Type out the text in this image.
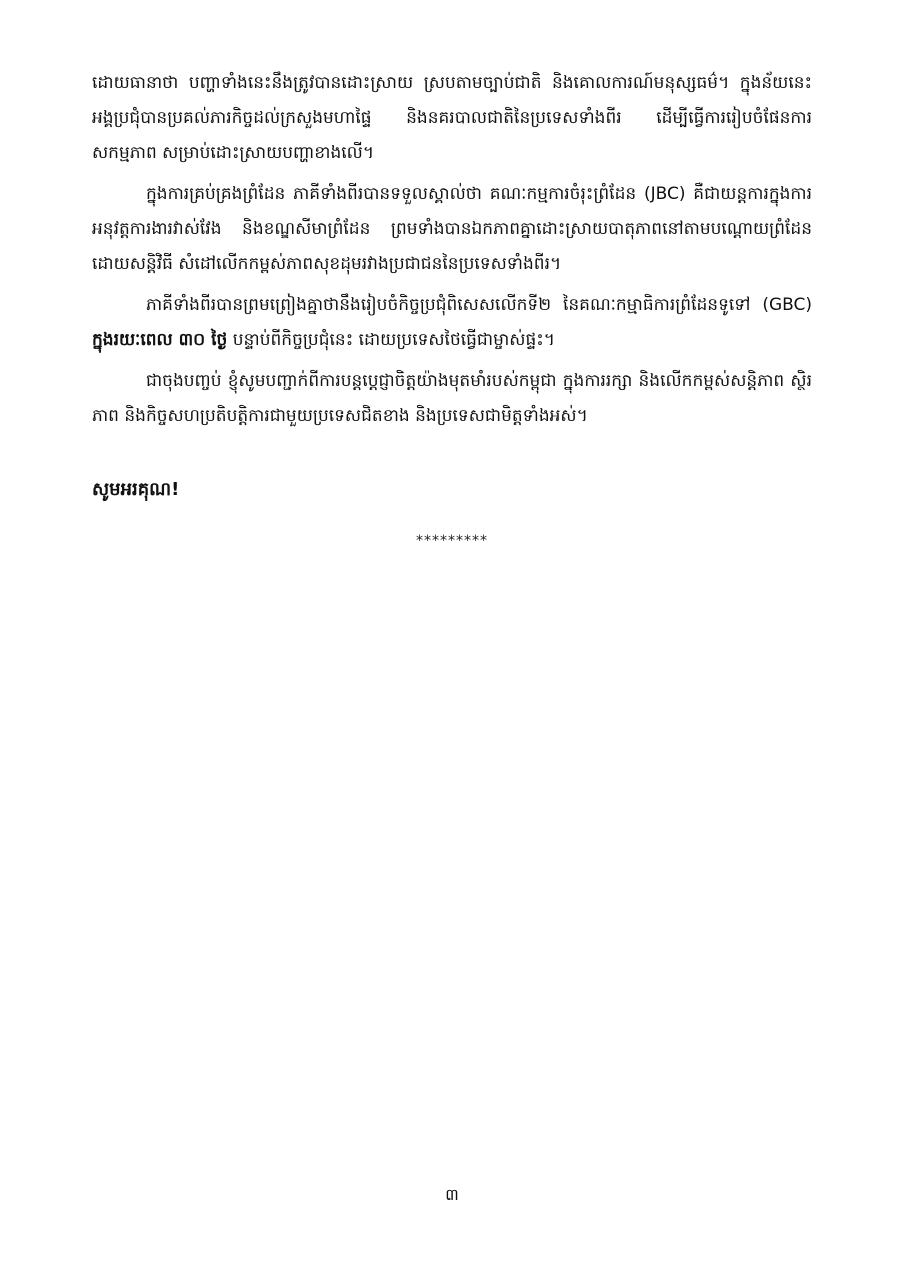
ដោយធានាថា បញ្ហាទាំងនេះនឹងត្រូវបានដោះស្រាយ ស្របតាមច្បាប់ជាតិ និងគោលការណ៍មនុស្សធម៌។ ក្នុងន័យនេះ អង្គប្រជុំបានប្រគល់ភារកិច្ចដល់ក្រសួងមហាផ្ទៃ និងនគរបាលជាតិនៃប្រទេសទាំងពីរ ដើម្បីធ្វើការរៀបចំផែនការសកម្មភាព សម្រាប់ដោះស្រាយបញ្ហាខាងលើ។

ក្នុងការគ្រប់គ្រងព្រំដែន ភាគីទាំងពីរបានទទួលស្គាល់ថា គណៈកម្មការចំរុះព្រំដែន (JBC) គឺជាយន្តការក្នុងការអនុវត្តការងារវាស់វែង និងខណ្ឌសីមាព្រំដែន ព្រមទាំងបានឯកភាពគ្នាដោះស្រាយបាតុភាពនៅតាមបណ្តោយព្រំដែនដោយសន្តិវិធី សំដៅលើកកម្ពស់ភាពសុខដុមរវាងប្រជាជននៃប្រទេសទាំងពីរ។

ភាគីទាំងពីរបានព្រមព្រៀងគ្នាថានឹងរៀបចំកិច្ចប្រជុំពិសេសលើកទី២ នៃគណៈកម្មាធិការព្រំដែនទូទៅ (GBC) ក្នុងរយៈពេល ៣០ ថ្ងៃ បន្ទាប់ពីកិច្ចប្រជុំនេះ ដោយប្រទេសថៃធ្វើជាម្ចាស់ផ្ទះ។

ជាចុងបញ្ចប់ ខ្ញុំសូមបញ្ជាក់ពីការបន្តប្តេជ្ញាចិត្តយ៉ាងមុតមាំរបស់កម្ពុជា ក្នុងការរក្សា និងលើកកម្ពស់សន្តិភាព ស្ថិរភាព និងកិច្ចសហប្រតិបត្តិការជាមួយប្រទេសជិតខាង និងប្រទេសជាមិត្តទាំងអស់។

សូមអរគុណ!
*********
៣
